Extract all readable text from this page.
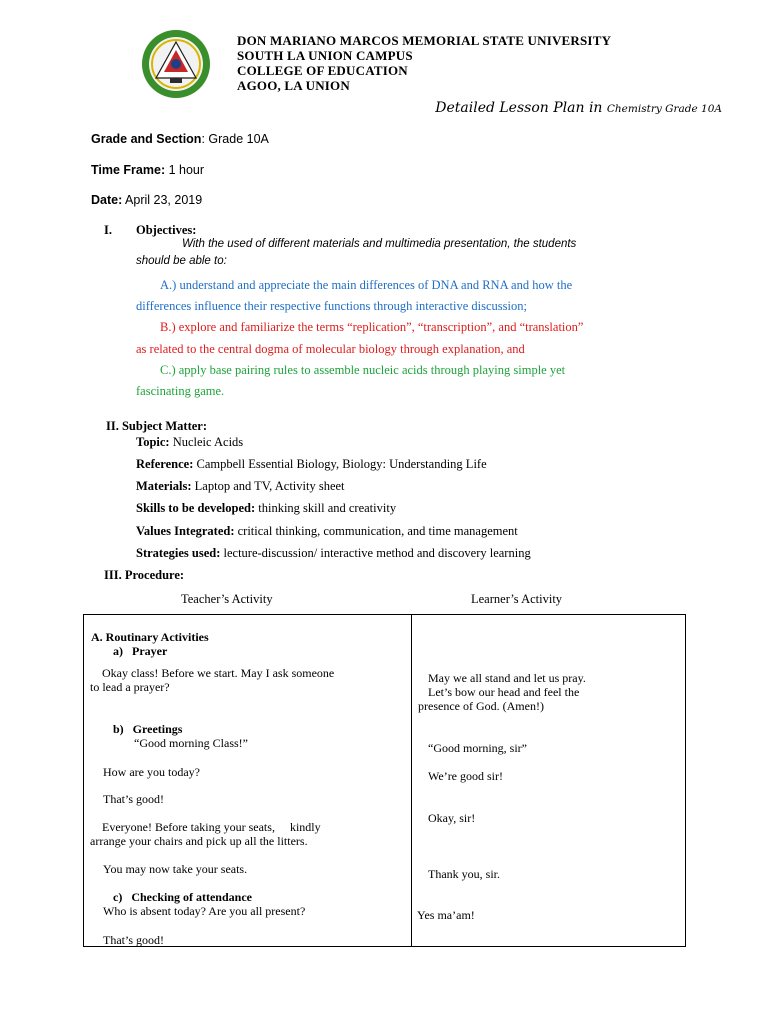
DON MARIANO MARCOS MEMORIAL STATE UNIVERSITY
SOUTH LA UNION CAMPUS
COLLEGE OF EDUCATION
AGOO, LA UNION
Detailed Lesson Plan in Chemistry Grade 10A
Grade and Section: Grade 10A
Time Frame: 1 hour
Date: April 23, 2019
I. Objectives:
With the used of different materials and multimedia presentation, the students
should be able to:
A.) understand and appreciate the main differences of DNA and RNA and how the
differences influence their respective functions through interactive discussion;
B.) explore and familiarize the terms “replication”, “transcription”, and “translation”
as related to the central dogma of molecular biology through explanation, and
C.) apply base pairing rules to assemble nucleic acids through playing simple yet
fascinating game.
II. Subject Matter:
Topic: Nucleic Acids
Reference: Campbell Essential Biology, Biology: Understanding Life
Materials: Laptop and TV, Activity sheet
Skills to be developed: thinking skill and creativity
Values Integrated: critical thinking, communication, and time management
Strategies used: lecture-discussion/ interactive method and discovery learning
III. Procedure:
Teacher’s Activity	Learner’s Activity
A. Routinary Activities
a)   Prayer
Okay class! Before we start. May I ask someone
to lead a prayer?
b)   Greetings
“Good morning Class!”
How are you today?
That’s good!
Everyone! Before taking your seats,     kindly
arrange your chairs and pick up all the litters.
You may now take your seats.
c)   Checking of attendance
Who is absent today? Are you all present?
That’s good!
May we all stand and let us pray.
Let’s bow our head and feel the
presence of God. (Amen!)
“Good morning, sir”
We’re good sir!
Okay, sir!
Thank you, sir.
Yes ma’am!
